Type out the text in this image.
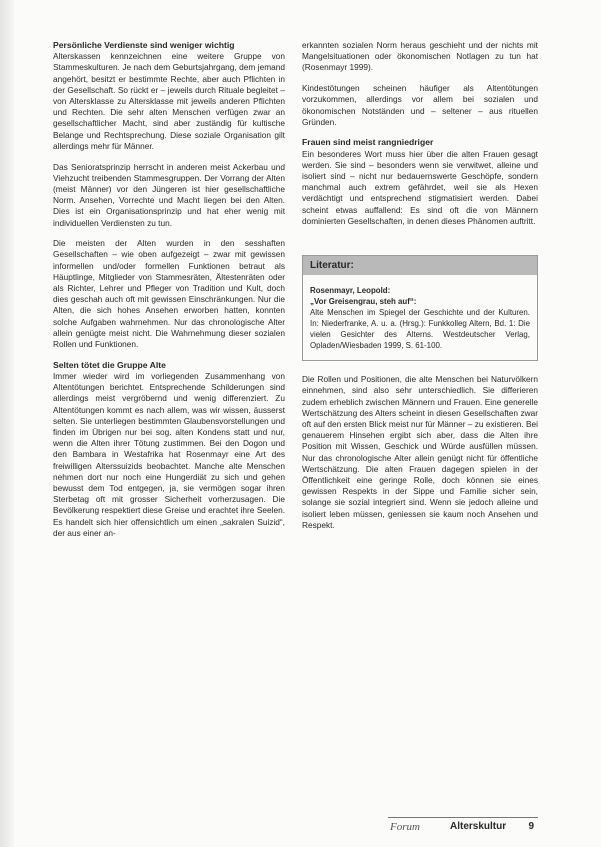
Persönliche Verdienste sind weniger wichtig

Alterskassen kennzeichnen eine weitere Gruppe von Stammeskulturen. Je nach dem Geburtsjahrgang, dem jemand angehört, besitzt er bestimmte Rechte, aber auch Pflichten in der Gesellschaft. So rückt er – jeweils durch Rituale begleitet – von Altersklasse zu Altersklasse mit jeweils anderen Pflichten und Rechten. Die sehr alten Menschen verfügen zwar an gesellschaftlicher Macht, sind aber zuständig für kultische Belange und Rechtsprechung. Diese soziale Organisation gilt allerdings mehr für Männer.

Das Senioratsprinzip herrscht in anderen meist Ackerbau und Viehzucht treibenden Stammesgruppen. Der Vorrang der Alten (meist Männer) vor den Jüngeren ist hier gesellschaftliche Norm. Ansehen, Vorrechte und Macht liegen bei den Alten. Dies ist ein Organisationsprinzip und hat eher wenig mit individuellen Verdiensten zu tun.

Die meisten der Alten wurden in den sesshaften Gesellschaften – wie oben aufgezeigt – zwar mit gewissen informellen und/oder formellen Funktionen betraut als Häuptlinge, Mitglieder von Stammesräten, Ältestenräten oder als Richter, Lehrer und Pfleger von Tradition und Kult, doch dies geschah auch oft mit gewissen Einschränkungen. Nur die Alten, die sich hohes Ansehen erworben hatten, konnten solche Aufgaben wahrnehmen. Nur das chronologische Alter allein genügte meist nicht. Die Wahrnehmung dieser sozialen Rollen und Funktionen.

Selten tötet die Gruppe Alte

Immer wieder wird im vorliegenden Zusammenhang von Altentötungen berichtet. Entsprechende Schilderungen sind allerdings meist vergröbernd und wenig differenziert. Zu Altentötungen kommt es nach allem, was wir wissen, äusserst selten. Sie unterliegen bestimmten Glaubensvorstellungen und finden im Übrigen nur bei sog. alten Kondens statt und nur, wenn die Alten ihrer Tötung zustimmen. Bei den Dogon und den Bambara in Westafrika hat Rosenmayr eine Art des freiwilligen Alterssuizids beobachtet. Manche alte Menschen nehmen dort nur noch eine Hungerdiät zu sich und gehen bewusst dem Tod entgegen, ja, sie vermögen sogar ihren Sterbetag oft mit grosser Sicherheit vorherzusagen. Die Bevölkerung respektiert diese Greise und erachtet ihre Seelen. Es handelt sich hier offensichtlich um einen „sakralen Suizid“, der aus einer an-

erkannten sozialen Norm heraus geschieht und der nichts mit Mangelsituationen oder ökonomischen Notlagen zu tun hat (Rosenmayr 1999).

Kindestötungen scheinen häufiger als Altentötungen vorzukommen, allerdings vor allem bei sozialen und ökonomischen Notständen und – seltener – aus rituellen Gründen.

Frauen sind meist rangniedriger

Ein besonderes Wort muss hier über die alten Frauen gesagt werden. Sie sind – besonders wenn sie verwitwet, alleine und isoliert sind – nicht nur bedauernswerte Geschöpfe, sondern manchmal auch extrem gefährdet, weil sie als Hexen verdächtigt und entsprechend stigmatisiert werden. Dabei scheint etwas auffallend: Es sind oft die von Männern dominierten Gesellschaften, in denen dieses Phänomen auftritt.

Literatur:
Rosenmayr, Leopold:
„Vor Greisengrau, steh auf“:
Alte Menschen im Spiegel der Geschichte und der Kulturen. In: Niederfranke, A. u. a. (Hrsg.): Funkkolleg Altern, Bd. 1: Die vielen Gesichter des Alterns. Westdeutscher Verlag, Opladen/Wiesbaden 1999, S. 61-100.

Die Rollen und Positionen, die alte Menschen bei Naturvölkern einnehmen, sind also sehr unterschiedlich. Sie differieren zudem erheblich zwischen Männern und Frauen. Eine generelle Wertschätzung des Alters scheint in diesen Gesellschaften zwar oft auf den ersten Blick meist nur für Männer – zu existieren. Bei genauerem Hinsehen ergibt sich aber, dass die Alten ihre Position mit Wissen, Geschick und Würde ausfüllen müssen. Nur das chronologische Alter allein genügt nicht für öffentliche Wertschätzung. Die alten Frauen dagegen spielen in der Öffentlichkeit eine geringe Rolle, doch können sie eines gewissen Respekts in der Sippe und Familie sicher sein, solange sie sozial integriert sind. Wenn sie jedoch alleine und isoliert leben müssen, geniessen sie kaum noch Ansehen und Respekt.

Forum	Alterskultur 9
